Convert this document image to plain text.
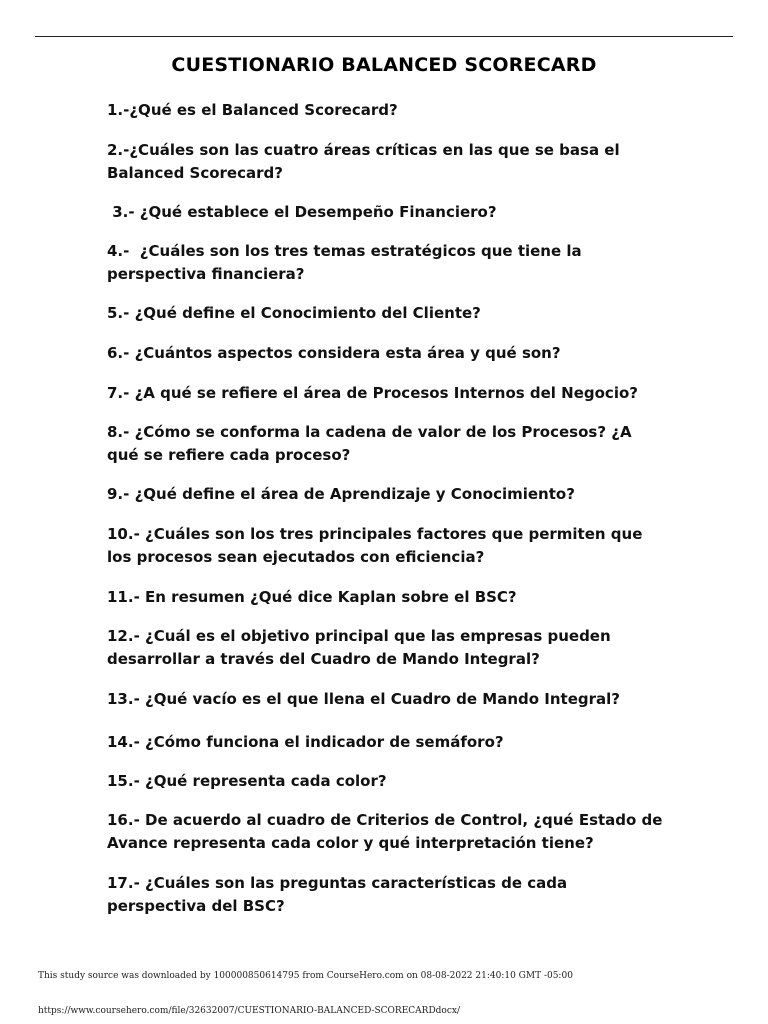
CUESTIONARIO BALANCED SCORECARD
1.-¿Qué es el Balanced Scorecard?
2.-¿Cuáles son las cuatro áreas críticas en las que se basa el Balanced Scorecard?
3.- ¿Qué establece el Desempeño Financiero?
4.-  ¿Cuáles son los tres temas estratégicos que tiene la perspectiva financiera?
5.- ¿Qué define el Conocimiento del Cliente?
6.- ¿Cuántos aspectos considera esta área y qué son?
7.- ¿A qué se refiere el área de Procesos Internos del Negocio?
8.- ¿Cómo se conforma la cadena de valor de los Procesos? ¿A qué se refiere cada proceso?
9.- ¿Qué define el área de Aprendizaje y Conocimiento?
10.- ¿Cuáles son los tres principales factores que permiten que los procesos sean ejecutados con eficiencia?
11.- En resumen ¿Qué dice Kaplan sobre el BSC?
12.- ¿Cuál es el objetivo principal que las empresas pueden desarrollar a través del Cuadro de Mando Integral?
13.- ¿Qué vacío es el que llena el Cuadro de Mando Integral?
14.- ¿Cómo funciona el indicador de semáforo?
15.- ¿Qué representa cada color?
16.- De acuerdo al cuadro de Criterios de Control, ¿qué Estado de Avance representa cada color y qué interpretación tiene?
17.- ¿Cuáles son las preguntas características de cada perspectiva del BSC?
This study source was downloaded by 100000850614795 from CourseHero.com on 08-08-2022 21:40:10 GMT -05:00
https://www.coursehero.com/file/32632007/CUESTIONARIO-BALANCED-SCORECARDdocx/
